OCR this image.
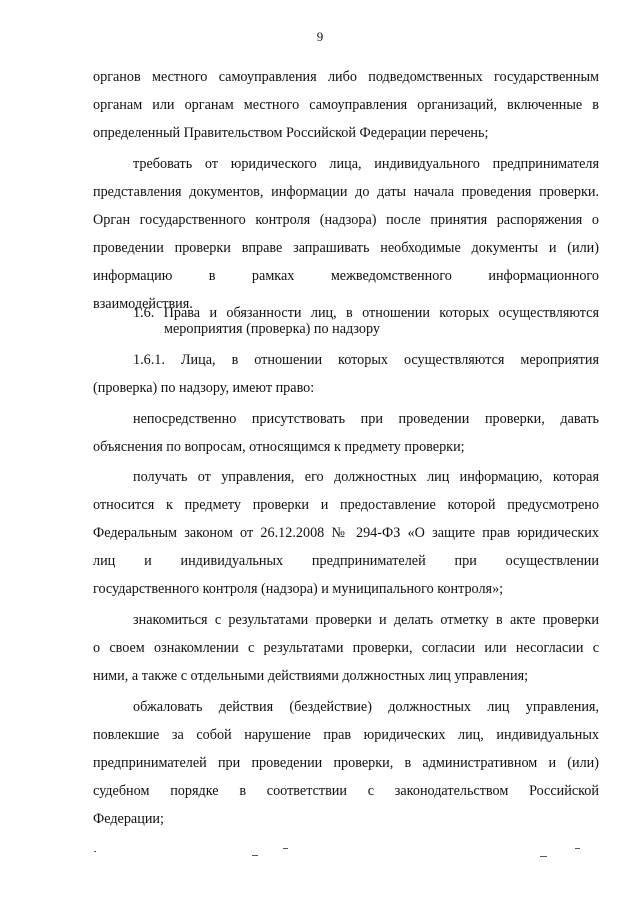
9
органов местного самоуправления либо подведомственных государственным
органам или органам местного самоуправления организаций, включенные в
определенный Правительством Российской Федерации перечень;
требовать от юридического лица, индивидуального предпринимателя
представления документов, информации до даты начала проведения проверки.
Орган государственного контроля (надзора) после принятия распоряжения о
проведении проверки вправе запрашивать необходимые документы и (или)
информацию в рамках межведомственного информационного
взаимодействия.
1.6. Права и обязанности лиц, в отношении которых осуществляются
мероприятия (проверка) по надзору
1.6.1. Лица, в отношении которых осуществляются мероприятия
(проверка) по надзору, имеют право:
непосредственно присутствовать при проведении проверки, давать
объяснения по вопросам, относящимся к предмету проверки;
получать от управления, его должностных лиц информацию, которая
относится к предмету проверки и предоставление которой предусмотрено
Федеральным законом от 26.12.2008 № 294-ФЗ «О защите прав юридических
лиц и индивидуальных предпринимателей при осуществлении
государственного контроля (надзора) и муниципального контроля»;
знакомиться с результатами проверки и делать отметку в акте проверки
о своем ознакомлении с результатами проверки, согласии или несогласии с
ними, а также с отдельными действиями должностных лиц управления;
обжаловать действия (бездействие) должностных лиц управления,
повлекшие за собой нарушение прав юридических лиц, индивидуальных
предпринимателей при проведении проверки, в административном и (или)
судебном порядке в соответствии с законодательством Российской
Федерации;
